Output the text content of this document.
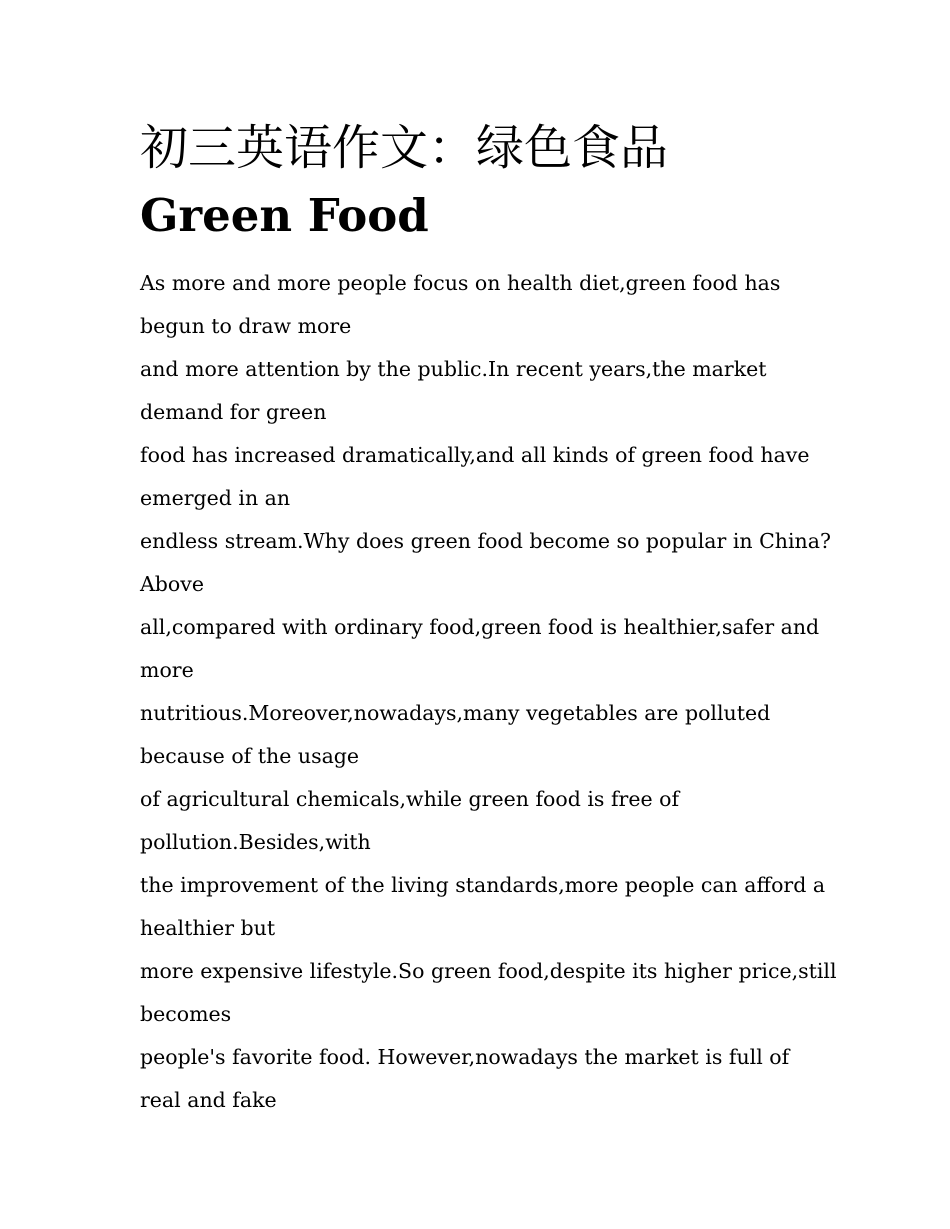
初三英语作文：绿色食品
Green Food
As more and more people focus on health diet,green food has
begun to draw more
and more attention by the public.In recent years,the market
demand for green
food has increased dramatically,and all kinds of green food have
emerged in an
endless stream.Why does green food become so popular in China?
Above
all,compared with ordinary food,green food is healthier,safer and
more
nutritious.Moreover,nowadays,many vegetables are polluted
because of the usage
of agricultural chemicals,while green food is free of
pollution.Besides,with
the improvement of the living standards,more people can afford a
healthier but
more expensive lifestyle.So green food,despite its higher price,still
becomes
people's favorite food. However,nowadays the market is full of
real and fake
